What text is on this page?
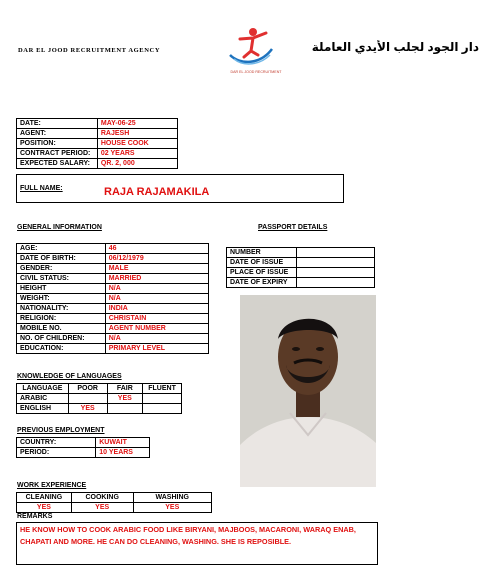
DAR EL JOOD RECRUITMENT AGENCY
DAR EL JOOD RECRUITMENT
دار الجود لجلب الأيدي العاملة
DATE:	MAY-06-25
AGENT:	RAJESH
POSITION:	HOUSE COOK
CONTRACT PERIOD:	02 YEARS
EXPECTED SALARY:	QR. 2, 000
FULL NAME:	RAJA RAJAMAKILA
GENERAL INFORMATION	PASSPORT DETAILS
AGE:	46
DATE OF BIRTH:	06/12/1979
GENDER:	MALE
CIVIL STATUS:	MARRIED
HEIGHT	N/A
WEIGHT:	N/A
NATIONALITY:	INDIA
RELIGION:	CHRISTAIN
MOBILE NO.	AGENT NUMBER
NO. OF CHILDREN:	N/A
EDUCATION:	PRIMARY LEVEL
NUMBER	
DATE OF ISSUE	
PLACE OF ISSUE	
DATE OF EXPIRY	
KNOWLEDGE OF LANGUAGES
LANGUAGE	POOR	FAIR	FLUENT
ARABIC		YES	
ENGLISH	YES		
PREVIOUS EMPLOYMENT
COUNTRY:	KUWAIT
PERIOD:	10 YEARS
WORK EXPERIENCE
CLEANING	COOKING	WASHING
YES	YES	YES
REMARKS
HE KNOW HOW TO COOK ARABIC FOOD LIKE BIRYANI, MAJBOOS, MACARONI, WARAQ ENAB, CHAPATI AND MORE. HE CAN DO CLEANING, WASHING. SHE IS REPOSIBLE.
